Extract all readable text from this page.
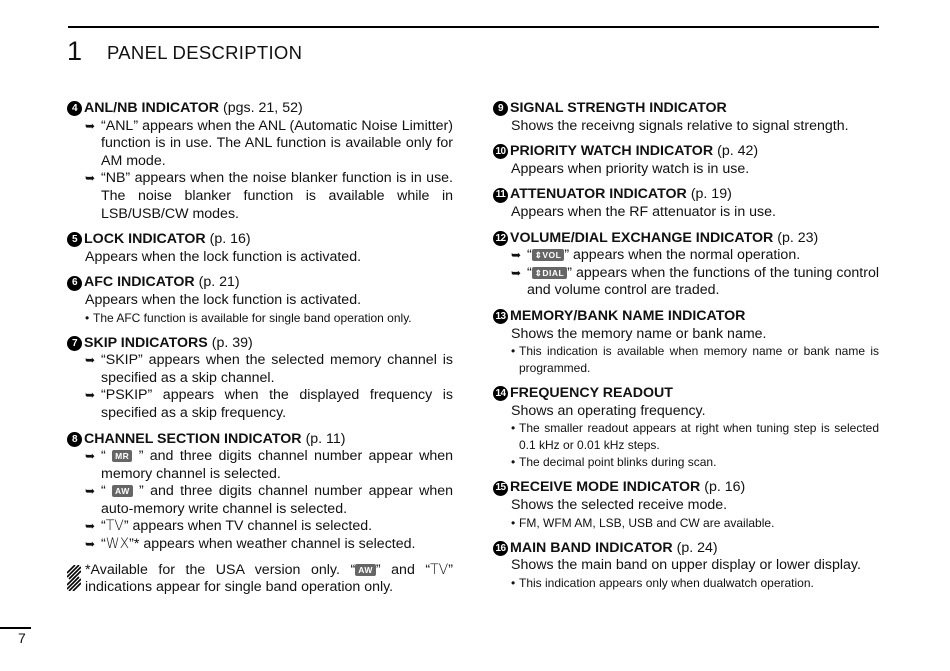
1 PANEL DESCRIPTION
4 ANL/NB INDICATOR (pgs. 21, 52)
➥ “ANL” appears when the ANL (Automatic Noise Limitter) function is in use. The ANL function is available only for AM mode.
➥ “NB” appears when the noise blanker function is in use. The noise blanker function is available while in LSB/USB/CW modes.
5 LOCK INDICATOR (p. 16)
Appears when the lock function is activated.
6 AFC INDICATOR (p. 21)
Appears when the lock function is activated.
• The AFC function is available for single band operation only.
7 SKIP INDICATORS (p. 39)
➥ “SKIP” appears when the selected memory channel is specified as a skip channel.
➥ “PSKIP” appears when the displayed frequency is specified as a skip frequency.
8 CHANNEL SECTION INDICATOR (p. 11)
➥ “ MR ” and three digits channel number appear when memory channel is selected.
➥ “ AW ” and three digits channel number appear when auto-memory write channel is selected.
➥ “TV” appears when TV channel is selected.
➥ “WX”* appears when weather channel is selected.
*Available for the USA version only. “ AW ” and “TV” indications appear for single band operation only.
9 SIGNAL STRENGTH INDICATOR
Shows the receivng signals relative to signal strength.
10 PRIORITY WATCH INDICATOR (p. 42)
Appears when priority watch is in use.
11 ATTENUATOR INDICATOR (p. 19)
Appears when the RF attenuator is in use.
12 VOLUME/DIAL EXCHANGE INDICATOR (p. 23)
➥ “ ⇕VOL ” appears when the normal operation.
➥ “ ⇕DIAL ” appears when the functions of the tuning control and volume control are traded.
13 MEMORY/BANK NAME INDICATOR
Shows the memory name or bank name.
• This indication is available when memory name or bank name is programmed.
14 FREQUENCY READOUT
Shows an operating frequency.
• The smaller readout appears at right when tuning step is selected 0.1 kHz or 0.01 kHz steps.
• The decimal point blinks during scan.
15 RECEIVE MODE INDICATOR (p. 16)
Shows the selected receive mode.
• FM, WFM AM, LSB, USB and CW are available.
16 MAIN BAND INDICATOR (p. 24)
Shows the main band on upper display or lower display.
• This indication appears only when dualwatch operation.
7
